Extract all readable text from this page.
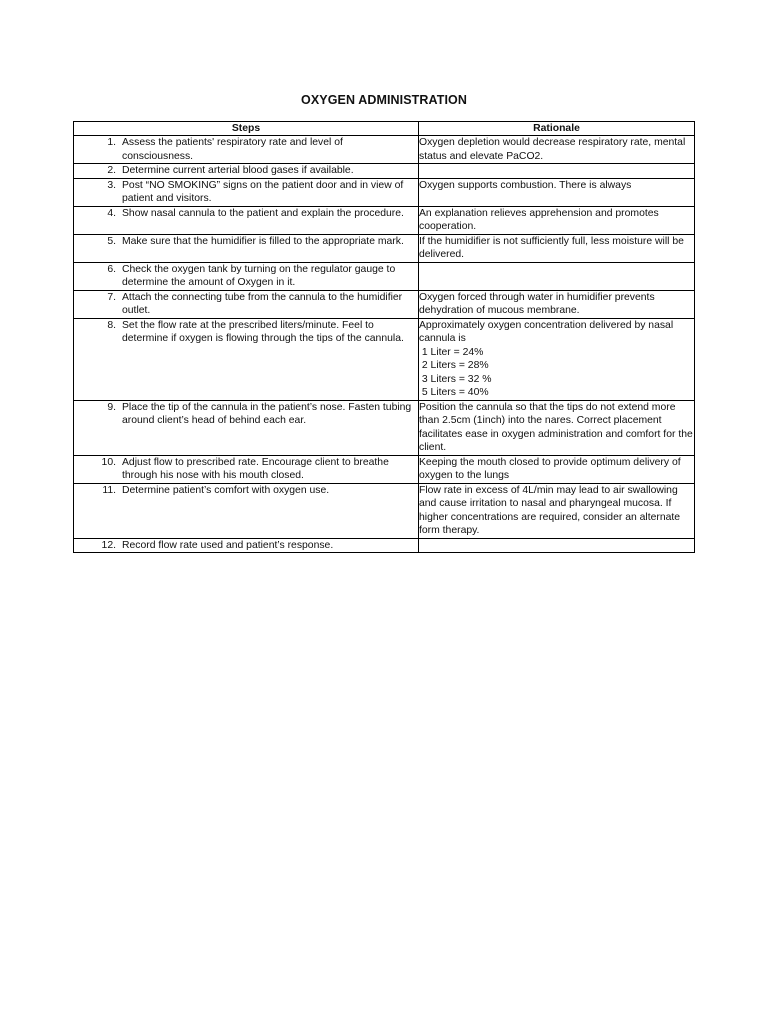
OXYGEN ADMINISTRATION
Steps	Rationale

1. Assess the patients' respiratory rate and level of consciousness.	Oxygen depletion would decrease respiratory rate, mental status and elevate PaCO2.

2. Determine current arterial blood gases if available.	

3. Post “NO SMOKING” signs on the patient door and in view of patient and visitors.	Oxygen supports combustion. There is always

4. Show nasal cannula to the patient and explain the procedure.	An explanation relieves apprehension and promotes cooperation.

5. Make sure that the humidifier is filled to the appropriate mark.	If the humidifier is not sufficiently full, less moisture will be delivered.

6. Check the oxygen tank by turning on the regulator gauge to determine the amount of Oxygen in it.	

7. Attach the connecting tube from the cannula to the humidifier outlet.	Oxygen forced through water in humidifier prevents dehydration of mucous membrane.

8. Set the flow rate at the prescribed liters/minute. Feel to determine if oxygen is flowing through the tips of the cannula.	Approximately oxygen concentration delivered by nasal cannula is
1 Liter = 24%
2 Liters = 28%
3 Liters = 32 %
5 Liters = 40%

9. Place the tip of the cannula in the patient’s nose. Fasten tubing around client’s head of behind each ear.	Position the cannula so that the tips do not extend more than 2.5cm (1inch) into the nares. Correct placement facilitates ease in oxygen administration and comfort for the client.

10. Adjust flow to prescribed rate. Encourage client to breathe through his nose with his mouth closed.	Keeping the mouth closed to provide optimum delivery of oxygen to the lungs

11. Determine patient’s comfort with oxygen use.	Flow rate in excess of 4L/min may lead to air swallowing and cause irritation to nasal and pharyngeal mucosa. If higher concentrations are required, consider an alternate form therapy.

12. Record flow rate used and patient’s response.	
